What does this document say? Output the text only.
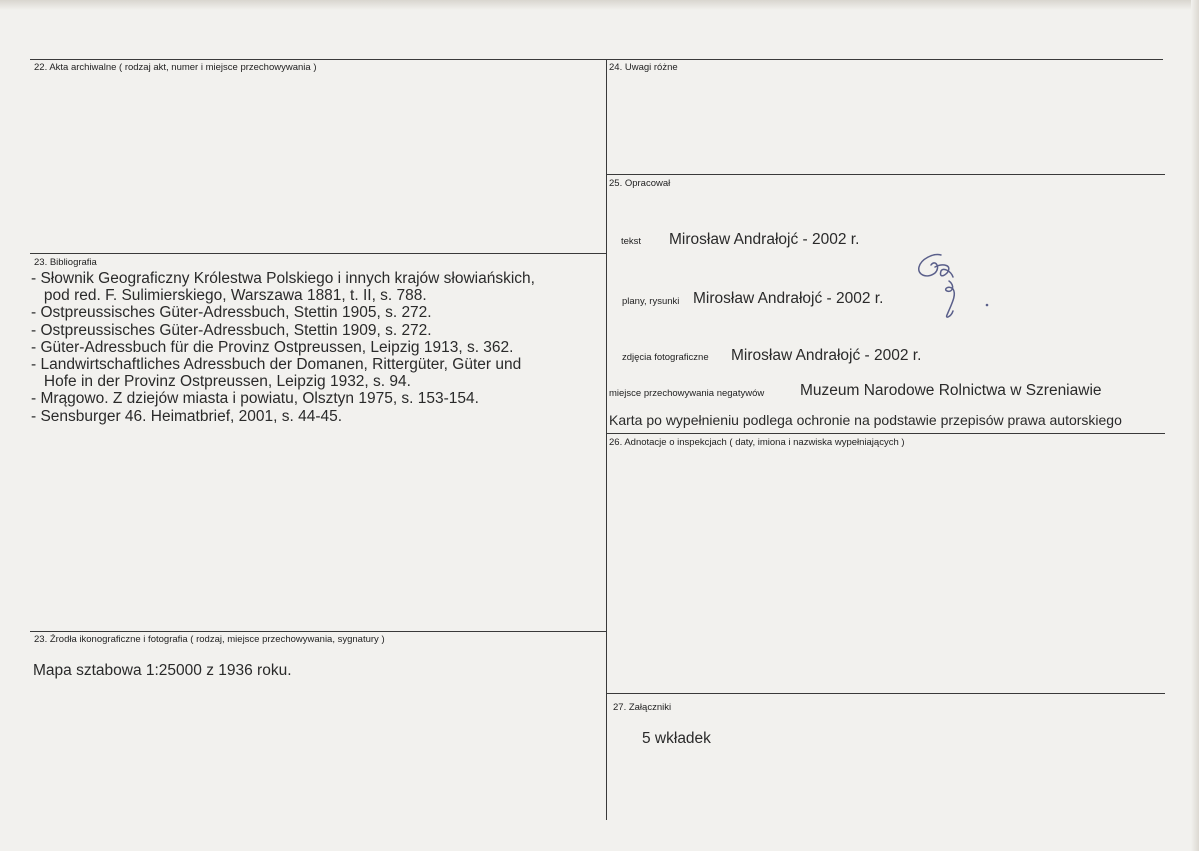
22. Akta archiwalne ( rodzaj akt, numer i miejsce przechowywania )
23. Bibliografia
- Słownik Geograficzny Królestwa Polskiego i innych krajów słowiańskich,
pod red. F. Sulimierskiego, Warszawa 1881, t. II, s. 788.
- Ostpreussisches Güter-Adressbuch, Stettin 1905, s. 272.
- Ostpreussisches Güter-Adressbuch, Stettin 1909, s. 272.
- Güter-Adressbuch für die Provinz Ostpreussen, Leipzig 1913, s. 362.
- Landwirtschaftliches Adressbuch der Domanen, Rittergüter, Güter und
Hofe in der Provinz Ostpreussen, Leipzig 1932, s. 94.
- Mrągowo. Z dziejów miasta i powiatu, Olsztyn 1975, s. 153-154.
- Sensburger 46. Heimatbrief, 2001, s. 44-45.
23. Źrodła ikonograficzne i fotografia ( rodzaj, miejsce przechowywania, sygnatury )
Mapa sztabowa 1:25000 z 1936 roku.
24. Uwagi różne
25. Opracował
tekst Mirosław Andrałojć - 2002 r.
plany, rysunki Mirosław Andrałojć - 2002 r.
zdjęcia fotograficzne Mirosław Andrałojć - 2002 r.
miejsce przechowywania negatywów Muzeum Narodowe Rolnictwa w Szreniawie
Karta po wypełnieniu podlega ochronie na podstawie przepisów prawa autorskiego
26. Adnotacje o inspekcjach ( daty, imiona i nazwiska wypełniających )
27. Załączniki
5 wkładek
